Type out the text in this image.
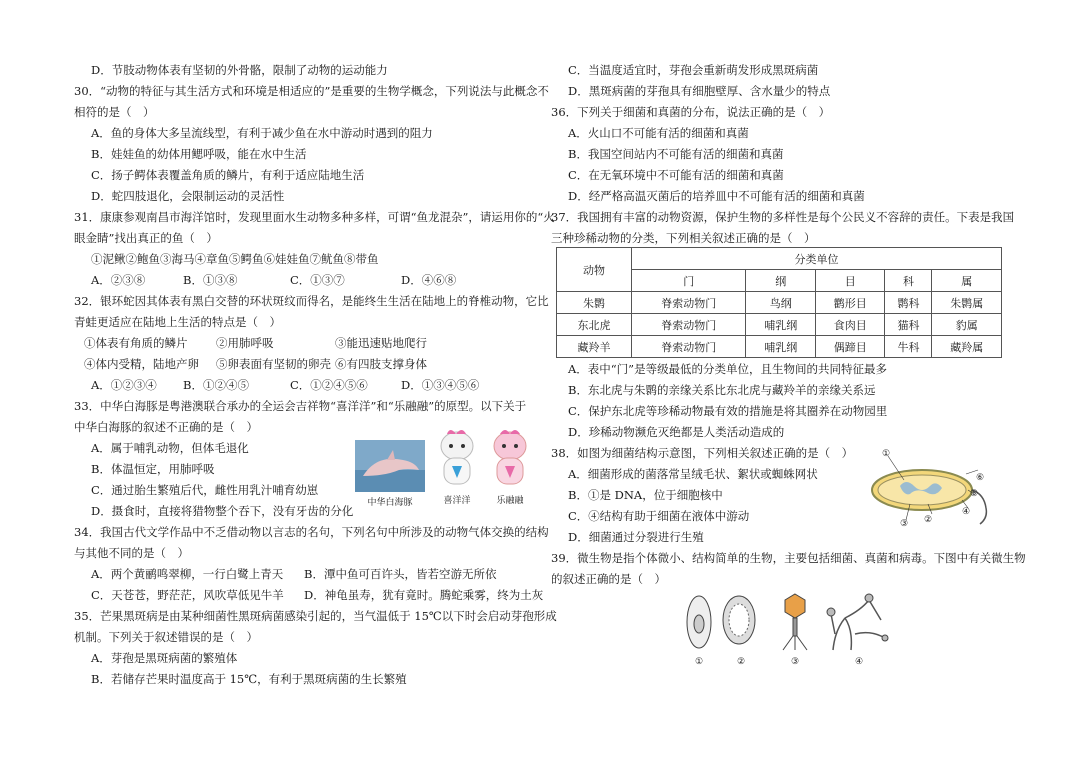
D．节肢动物体表有坚韧的外骨骼，限制了动物的运动能力
30．“动物的特征与其生活方式和环境是相适应的”是重要的生物学概念，下列说法与此概念不
相符的是（　）
A．鱼的身体大多呈流线型，有利于减少鱼在水中游动时遇到的阻力
B．娃娃鱼的幼体用鳃呼吸，能在水中生活
C．扬子鳄体表覆盖角质的鳞片，有利于适应陆地生活
D．蛇四肢退化，会限制运动的灵活性
31．康康参观南昌市海洋馆时，发现里面水生动物多种多样，可谓“鱼龙混杂”，请运用你的“火
眼金睛”找出真正的鱼（　）
①泥鳅②鲍鱼③海马④章鱼⑤鳄鱼⑥娃娃鱼⑦鱿鱼⑧带鱼
A．②③⑧	B．①③⑧	C．①③⑦	D．④⑥⑧
32．银环蛇因其体表有黑白交替的环状斑纹而得名，是能终生生活在陆地上的脊椎动物，它比
青蛙更适应在陆地上生活的特点是（　）
①体表有角质的鳞片 ②用肺呼吸	③能迅速贴地爬行
④体内受精，陆地产卵 ⑤卵表面有坚韧的卵壳 ⑥有四肢支撑身体
A．①②③④ B．①②④⑤	C．①②④⑤⑥	D．①③④⑤⑥
33．中华白海豚是粤港澳联合承办的全运会吉祥物“喜洋洋”和“乐融融”的原型。以下关于
中华白海豚的叙述不正确的是（　）
A．属于哺乳动物，但体毛退化
B．体温恒定，用肺呼吸
C．通过胎生繁殖后代，雌性用乳汁哺育幼崽
D．摄食时，直接将猎物整个吞下，没有牙齿的分化
中华白海豚	喜洋洋	乐融融
34．我国古代文学作品中不乏借动物以言志的名句，下列名句中所涉及的动物气体交换的结构
与其他不同的是（　）
A．两个黄鹂鸣翠柳，一行白鹭上青天 B．潭中鱼可百许头，皆若空游无所依
C．天苍苍，野茫茫，风吹草低见牛羊 D．神龟虽寿，犹有竟时。腾蛇乘雾，终为土灰
35．芒果黑斑病是由某种细菌性黑斑病菌感染引起的，当气温低于 15℃以下时会启动芽孢形成
机制。下列关于叙述错误的是（　）
A．芽孢是黑斑病菌的繁殖体
B．若储存芒果时温度高于 15℃，有利于黑斑病菌的生长繁殖
C．当温度适宜时，芽孢会重新萌发形成黑斑病菌
D．黑斑病菌的芽孢具有细胞壁厚、含水量少的特点
36．下列关于细菌和真菌的分布，说法正确的是（　）
A．火山口不可能有活的细菌和真菌
B．我国空间站内不可能有活的细菌和真菌
C．在无氧环境中不可能有活的细菌和真菌
D．经严格高温灭菌后的培养皿中不可能有活的细菌和真菌
37．我国拥有丰富的动物资源，保护生物的多样性是每个公民义不容辞的责任。下表是我国
三种珍稀动物的分类，下列相关叙述正确的是（　）
动物	分类单位				
	门	纲	目	科	属
朱鹮	脊索动物门	鸟纲	鹳形目	鹮科	朱鹮属
东北虎	脊索动物门	哺乳纲	食肉目	猫科	豹属
藏羚羊	脊索动物门	哺乳纲	偶蹄目	牛科	藏羚属
A．表中“门”是等级最低的分类单位，且生物间的共同特征最多
B．东北虎与朱鹮的亲缘关系比东北虎与藏羚羊的亲缘关系远
C．保护东北虎等珍稀动物最有效的措施是将其圈养在动物园里
D．珍稀动物濒危灭绝都是人类活动造成的
38．如图为细菌结构示意图，下列相关叙述正确的是（　）
A．细菌形成的菌落常呈绒毛状、絮状或蜘蛛网状
B．①是 DNA，位于细胞核中
C．④结构有助于细菌在液体中游动
D．细菌通过分裂进行生殖
①
②
③
④
⑤
⑥
39．微生物是指个体微小、结构简单的生物，主要包括细菌、真菌和病毒。下图中有关微生物
的叙述正确的是（　）
①	②	③	④
